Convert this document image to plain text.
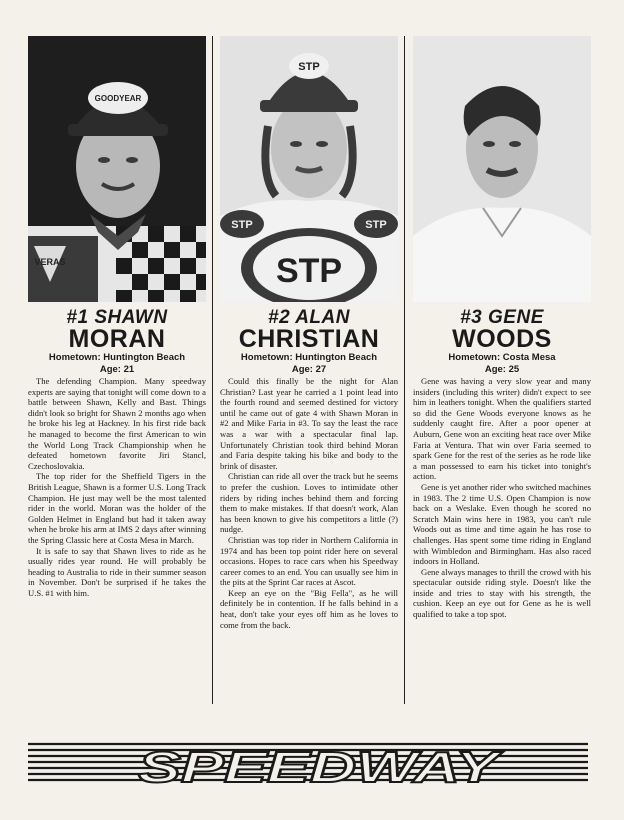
GOODYEAR
VERAS
#1 SHAWN
MORAN
Hometown: Huntington Beach
Age: 21

The defending Champion. Many speedway experts are saying that tonight will come down to a battle between Shawn, Kelly and Bast. Things didn't look so bright for Shawn 2 months ago when he broke his leg at Hackney. In his first ride back he managed to become the first American to win the World Long Track Championship when he defeated hometown favorite Jiri Stancl, Czechoslovakia.

The top rider for the Sheffield Tigers in the British League, Shawn is a former U.S. Long Track Champion. He just may well be the most talented rider in the world. Moran was the holder of the Golden Helmet in England but had it taken away when he broke his arm at IMS 2 days after winning the Spring Classic here at Costa Mesa in March.

It is safe to say that Shawn lives to ride as he usually rides year round. He will probably be heading to Australia to ride in their summer season in November. Don't be surprised if he takes the U.S. #1 with him.

STP
STP	STP
STP
#2 ALAN
CHRISTIAN
Hometown: Huntington Beach
Age: 27

Could this finally be the night for Alan Christian? Last year he carried a 1 point lead into the fourth round and seemed destined for victory until he came out of gate 4 with Shawn Moran in #2 and Mike Faria in #3. To say the least the race was a war with a spectacular final lap. Unfortunately Christian took third behind Moran and Faria despite taking his bike and body to the brink of disaster.

Christian can ride all over the track but he seems to prefer the cushion. Loves to intimidate other riders by riding inches behind them and forcing them to make mistakes. If that doesn't work, Alan has been known to give his competitors a little (?) nudge.

Christian was top rider in Northern California in 1974 and has been top point rider here on several occasions. Hopes to race cars when his Speedway career comes to an end. You can usually see him in the pits at the Sprint Car races at Ascot.

Keep an eye on the "Big Fella", as he will definitely be in contention. If he falls behind in a heat, don't take your eyes off him as he loves to come from the back.

#3 GENE
WOODS
Hometown: Costa Mesa
Age: 25

Gene was having a very slow year and many insiders (including this writer) didn't expect to see him in leathers tonight. When the qualifiers started so did the Gene Woods everyone knows as he suddenly caught fire. After a poor opener at Auburn, Gene won an exciting heat race over Mike Faria at Ventura. That win over Faria seemed to spark Gene for the rest of the series as he rode like a man possessed to earn his ticket into tonight's action.

Gene is yet another rider who switched machines in 1983. The 2 time U.S. Open Champion is now back on a Weslake. Even though he scored no Scratch Main wins here in 1983, you can't rule Woods out as time and time again he has rose to challenges. Has spent some time riding in England with Wimbledon and Birmingham. Has also raced indoors in Holland.

Gene always manages to thrill the crowd with his spectacular outside riding style. Doesn't like the inside and tries to stay with his strength, the cushion. Keep an eye out for Gene as he is well qualified to take a top spot.

SPEEDWAY
